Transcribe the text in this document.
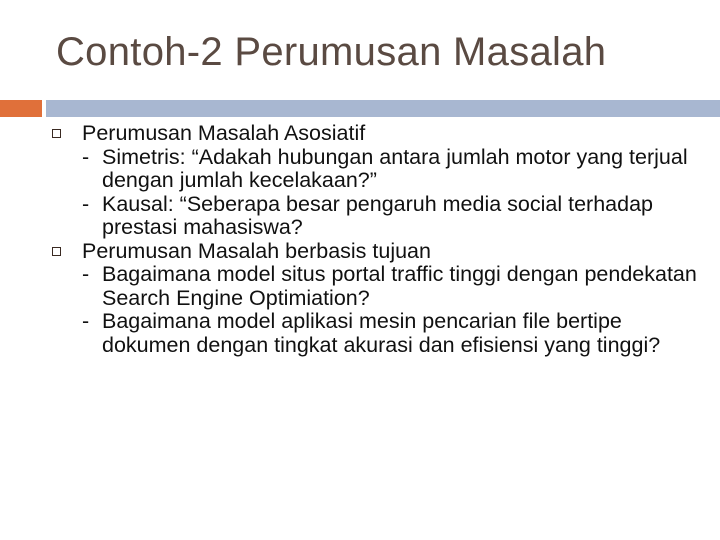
Contoh-2 Perumusan Masalah
Perumusan Masalah Asosiatif
- Simetris: “Adakah hubungan antara jumlah motor yang terjual dengan jumlah kecelakaan?”
- Kausal: “Seberapa besar pengaruh media social terhadap prestasi mahasiswa?
Perumusan Masalah berbasis tujuan
- Bagaimana model situs portal traffic tinggi dengan pendekatan Search Engine Optimiation?
- Bagaimana model aplikasi mesin pencarian file bertipe dokumen dengan tingkat akurasi dan efisiensi yang tinggi?
